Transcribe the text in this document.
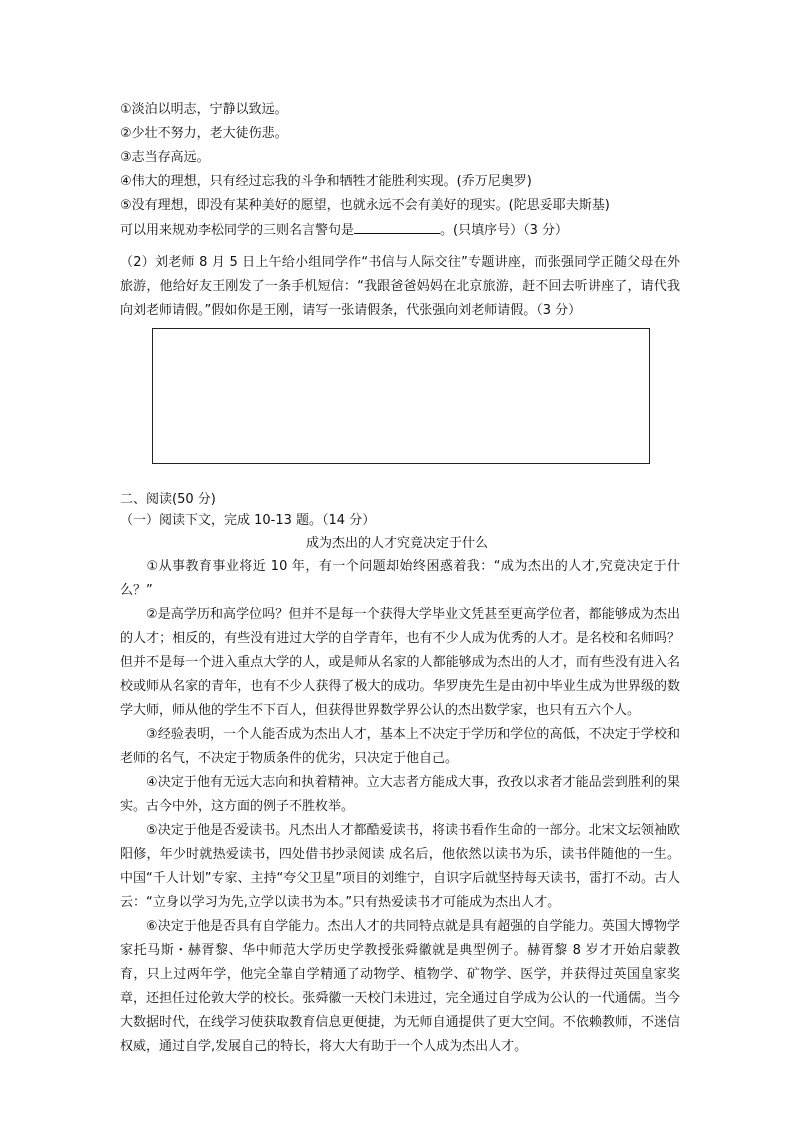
①淡泊以明志，宁静以致远。
②少壮不努力，老大徒伤悲。
③志当存高远。
④伟大的理想，只有经过忘我的斗争和牺牲才能胜利实现。(乔万尼奥罗)
⑤没有理想，即没有某种美好的愿望，也就永远不会有美好的现实。(陀思妥耶夫斯基)
可以用来规劝李松同学的三则名言警句是	。(只填序号）（3 分）
（2）刘老师 8 月 5 日上午给小组同学作“书信与人际交往”专题讲座，而张强同学正随父母在外旅游，他给好友王刚发了一条手机短信：“我跟爸爸妈妈在北京旅游，赶不回去听讲座了，请代我向刘老师请假。”假如你是王刚，请写一张请假条，代张强向刘老师请假。（3 分）
二、阅读(50 分)
（一）阅读下文，完成 10-13 题。（14 分）
成为杰出的人才究竟决定于什么
①从事教育事业将近 10 年，有一个问题却始终困惑着我：“成为杰出的人才,究竟决定于什么？”
②是高学历和高学位吗？但并不是每一个获得大学毕业文凭甚至更高学位者，都能够成为杰出的人才；相反的，有些没有进过大学的自学青年，也有不少人成为优秀的人才。是名校和名师吗？但并不是每一个进入重点大学的人，或是师从名家的人都能够成为杰出的人才，而有些没有进入名校或师从名家的青年，也有不少人获得了极大的成功。华罗庚先生是由初中毕业生成为世界级的数学大师，师从他的学生不下百人，但获得世界数学界公认的杰出数学家，也只有五六个人。
③经验表明，一个人能否成为杰出人才，基本上不决定于学历和学位的高低，不决定于学校和老师的名气，不决定于物质条件的优劣，只决定于他自己。
④决定于他有无远大志向和执着精神。立大志者方能成大事，孜孜以求者才能品尝到胜利的果实。古今中外，这方面的例子不胜枚举。
⑤决定于他是否爱读书。凡杰出人才都酷爱读书，将读书看作生命的一部分。北宋文坛领袖欧阳修，年少时就热爱读书，四处借书抄录阅读 成名后，他依然以读书为乐，读书伴随他的一生。中国“千人计划”专家、主持“夸父卫星”项目的刘维宁，自识字后就坚持每天读书，雷打不动。古人云：“立身以学习为先,立学以读书为本。”只有热爱读书才可能成为杰出人才。
⑥决定于他是否具有自学能力。杰出人才的共同特点就是具有超强的自学能力。英国大博物学家托马斯・赫胥黎、华中师范大学历史学教授张舜徽就是典型例子。赫胥黎 8 岁才开始启蒙教育，只上过两年学，他完全靠自学精通了动物学、植物学、矿物学、医学，并获得过英国皇家奖章，还担任过伦敦大学的校长。张舜徽一天校门未进过，完全通过自学成为公认的一代通儒。当今大数据时代，在线学习使获取教育信息更便捷，为无师自通提供了更大空间。不依赖教师，不迷信权威，通过自学,发展自己的特长，将大大有助于一个人成为杰出人才。
